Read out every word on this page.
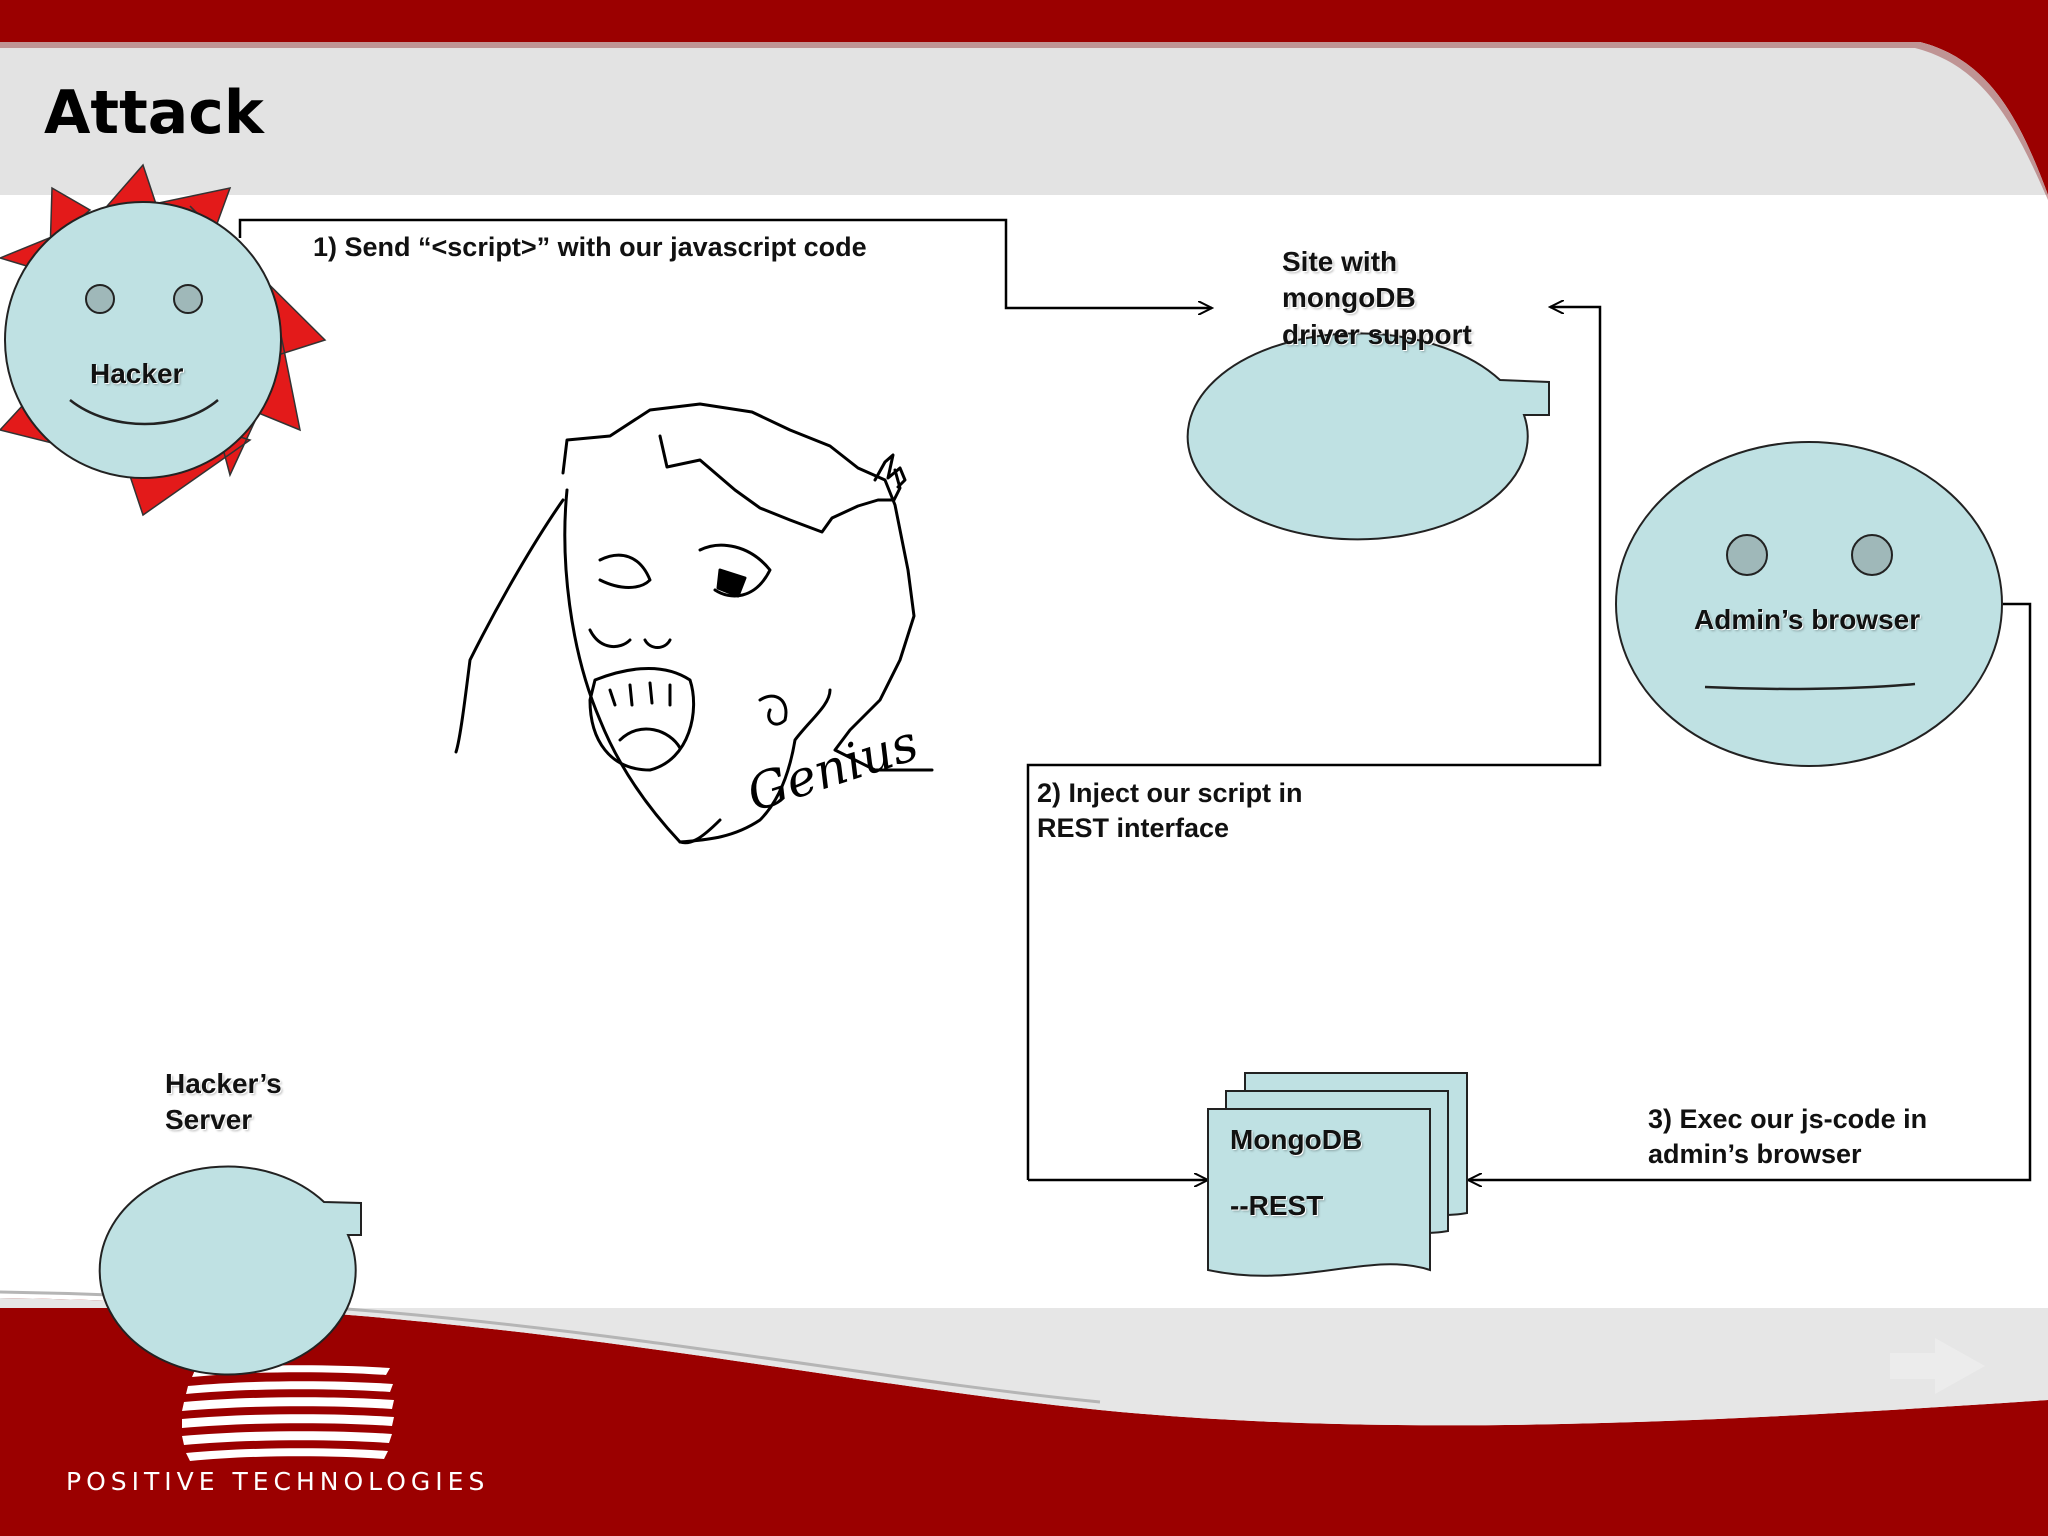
Attack
Hacker
Site with
mongoDB
driver support
Admin’s browser
Hacker’s
Server
MongoDB
--REST
1) Send “<script>” with our javascript code
2) Inject our script in
REST interface
3) Exec our js-code in
admin’s browser
Genius
POSITIVE TECHNOLOGIES
